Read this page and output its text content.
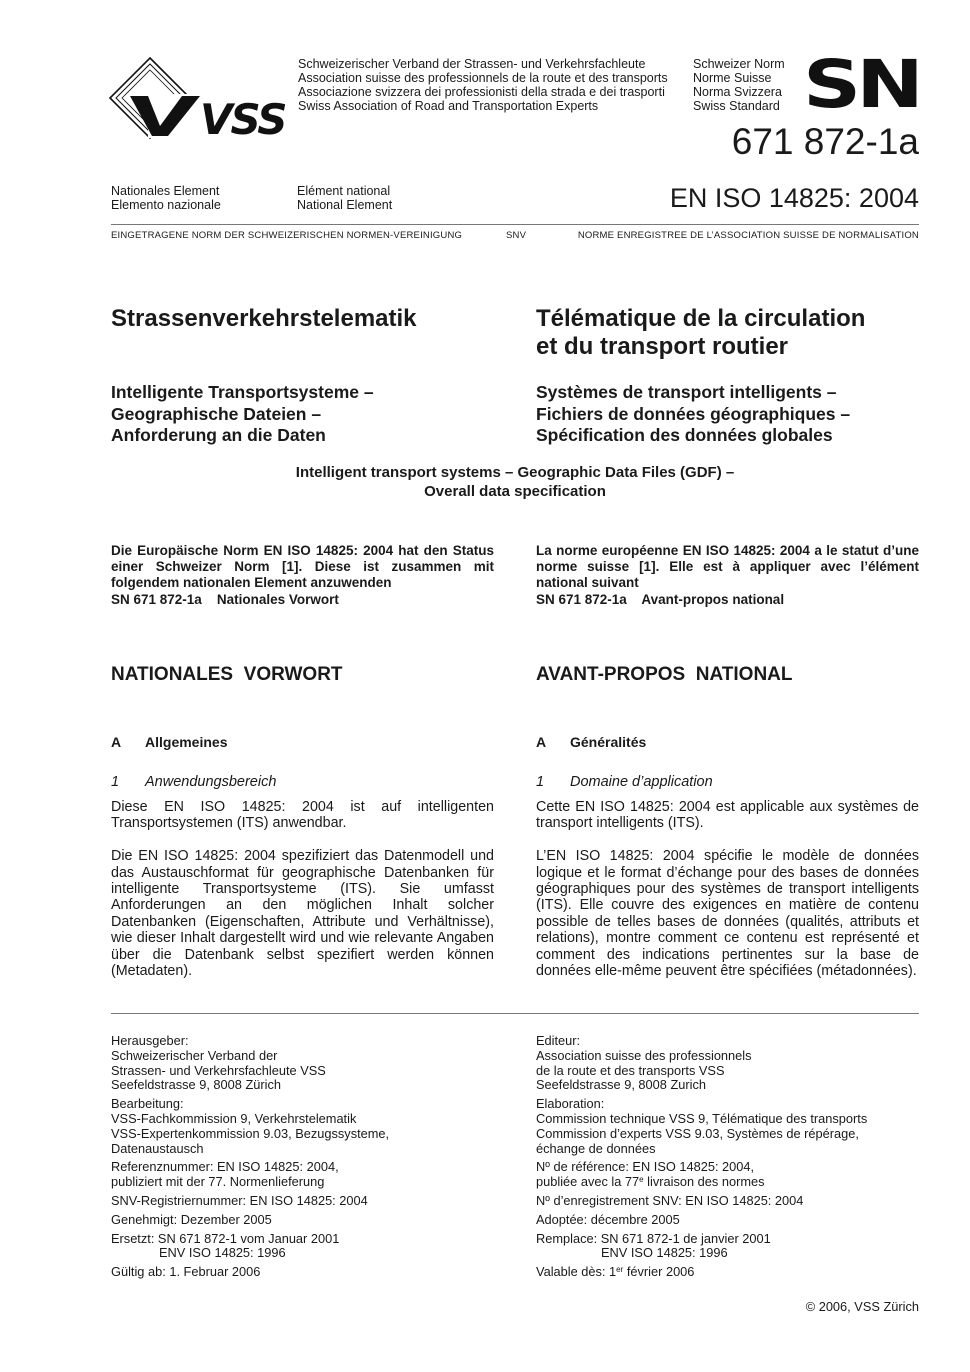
VSS
Schweizerischer Verband der Strassen- und Verkehrsfachleute
Association suisse des professionnels de la route et des transports
Associazione svizzera dei professionisti della strada e dei trasporti
Swiss Association of Road and Transportation Experts
Schweizer Norm
Norme Suisse
Norma Svizzera
Swiss Standard SN
671 872-1a
EN ISO 14825: 2004
Nationales Element
Elemento nazionale
Elément national
National Element
EINGETRAGENE NORM DER SCHWEIZERISCHEN NORMEN-VEREINIGUNG	SNV	NORME ENREGISTREE DE L’ASSOCIATION SUISSE DE NORMALISATION
Strassenverkehrstelematik	Télématique de la circulation
et du transport routier
Intelligente Transportsysteme –
Geographische Dateien –
Anforderung an die Daten
Systèmes de transport intelligents –
Fichiers de données géographiques –
Spécification des données globales
Intelligent transport systems – Geographic Data Files (GDF) –
Overall data specification
Die Europäische Norm EN ISO 14825: 2004 hat den Status einer Schweizer Norm [1]. Diese ist zusammen mit folgendem nationalen Element anzuwenden
SN 671 872-1a    Nationales Vorwort
La norme européenne EN ISO 14825: 2004 a le statut d’une norme suisse [1]. Elle est à appliquer avec l’élément national suivant
SN 671 872-1a    Avant-propos national
NATIONALES  VORWORT	AVANT-PROPOS  NATIONAL
A Allgemeines	A Généralités
1 Anwendungsbereich	1 Domaine d’application

Diese EN ISO 14825: 2004 ist auf intelligenten Transportsystemen (ITS) anwendbar.

Die EN ISO 14825: 2004 spezifiziert das Datenmodell und das Austauschformat für geographische Datenbanken für intelligente Transportsysteme (ITS). Sie umfasst Anforderungen an den möglichen Inhalt solcher Datenbanken (Eigenschaften, Attribute und Verhältnisse), wie dieser Inhalt dargestellt wird und wie relevante Angaben über die Datenbank selbst spezifiert werden können (Metadaten).

Cette EN ISO 14825: 2004 est applicable aux systèmes de transport intelligents (ITS).

L’EN ISO 14825: 2004 spécifie le modèle de données logique et le format d’échange pour des bases de données géographiques pour des systèmes de transport intelligents (ITS). Elle couvre des exigences en matière de contenu possible de telles bases de données (qualités, attributs et relations), montre comment ce contenu est représenté et comment des indications pertinentes sur la base de données elle-même peuvent être spécifiées (métadonnées).

Herausgeber:
Schweizerischer Verband der
Strassen- und Verkehrsfachleute VSS
Seefeldstrasse 9, 8008 Zürich
Bearbeitung:
VSS-Fachkommission 9, Verkehrstelematik
VSS-Expertenkommission 9.03, Bezugssysteme,
Datenaustausch
Referenznummer: EN ISO 14825: 2004,
publiziert mit der 77. Normenlieferung
SNV-Registriernummer: EN ISO 14825: 2004
Genehmigt: Dezember 2005
Ersetzt: SN 671 872-1 vom Januar 2001
ENV ISO 14825: 1996
Gültig ab: 1. Februar 2006
Editeur:
Association suisse des professionnels
de la route et des transports VSS
Seefeldstrasse 9, 8008 Zurich
Elaboration:
Commission technique VSS 9, Télématique des transports
Commission d’experts VSS 9.03, Systèmes de répérage,
échange de données
Nº de référence: EN ISO 14825: 2004,
publiée avec la 77e livraison des normes
Nº d’enregistrement SNV: EN ISO 14825: 2004
Adoptée: décembre 2005
Remplace: SN 671 872-1 de janvier 2001
ENV ISO 14825: 1996
Valable dès: 1er février 2006
© 2006, VSS Zürich
